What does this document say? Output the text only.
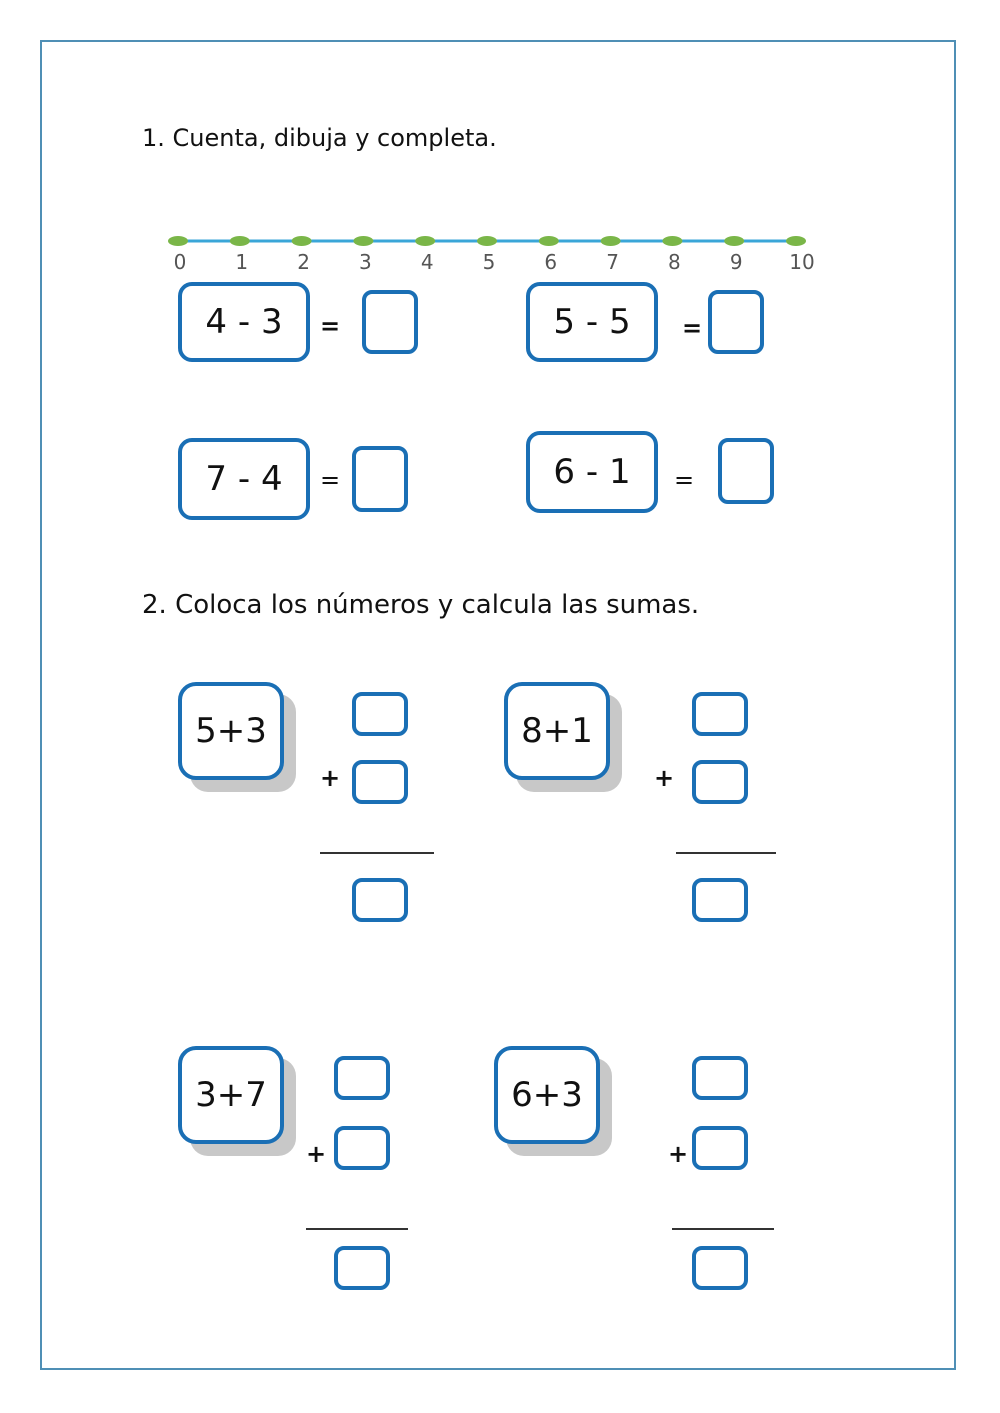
1. Cuenta, dibuja y completa.
0 1 2 3 4 5 6 7 8 9 10
4 - 3	=	5 - 5	=
7 - 4	=	6 - 1	=
2. Coloca los números y calcula las sumas.
5+3
+
8+1
+
3+7
+
6+3
+
